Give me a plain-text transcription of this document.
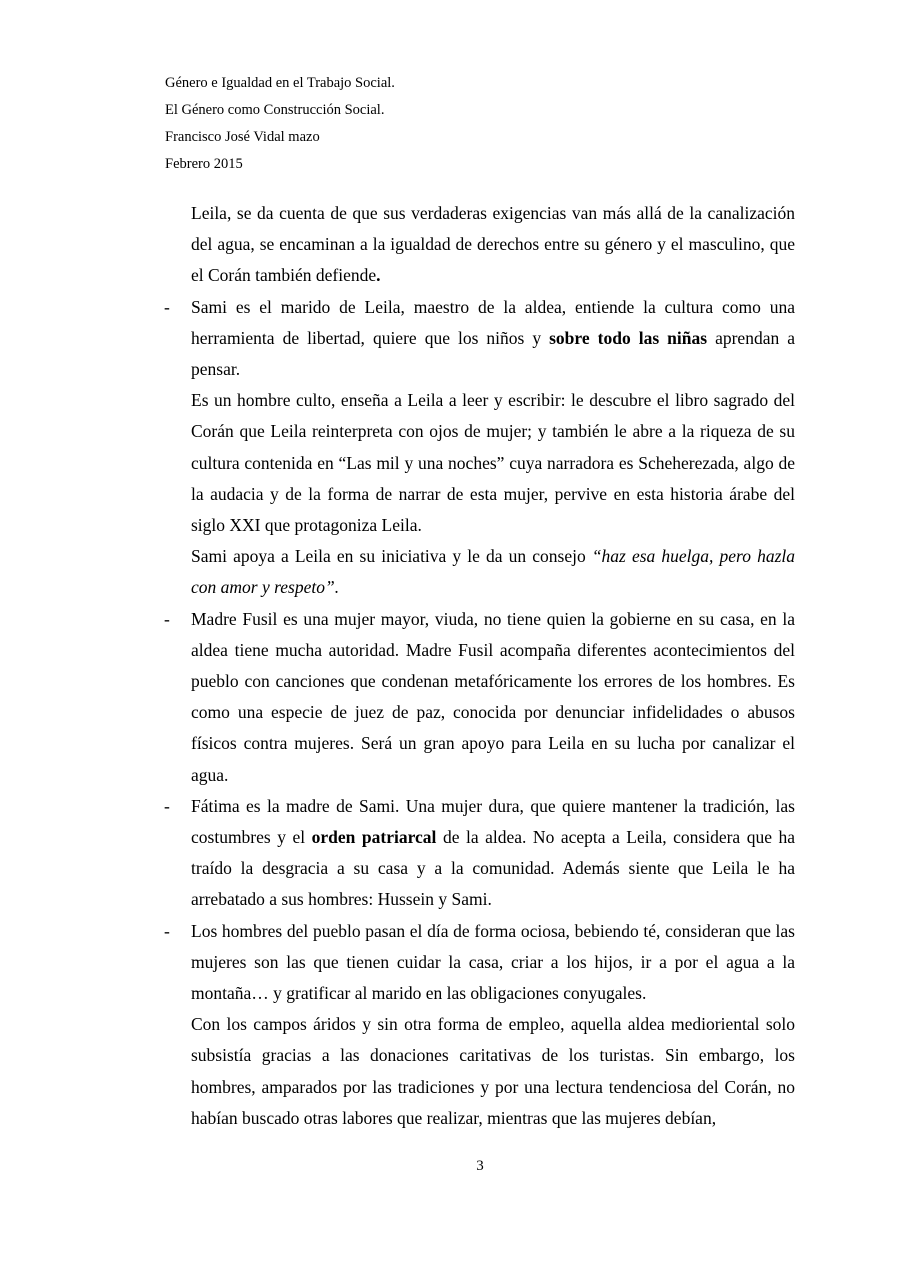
Género e Igualdad en el Trabajo Social.
El Género como Construcción Social.
Francisco José Vidal mazo
Febrero 2015

Leila, se da cuenta de que sus verdaderas exigencias van más allá de la canalización del agua, se encaminan a la igualdad de derechos entre su género y el masculino, que el Corán también defiende.

- Sami es el marido de Leila, maestro de la aldea, entiende la cultura como una herramienta de libertad, quiere que los niños y sobre todo las niñas aprendan a pensar.

Es un hombre culto, enseña a Leila a leer y escribir: le descubre el libro sagrado del Corán que Leila reinterpreta con ojos de mujer; y también le abre a la riqueza de su cultura contenida en “Las mil y una noches” cuya narradora es Scheherezada, algo de la audacia y de la forma de narrar de esta mujer, pervive en esta historia árabe del siglo XXI que protagoniza Leila.

Sami apoya a Leila en su iniciativa y le da un consejo “haz esa huelga, pero hazla con amor y respeto”.

- Madre Fusil es una mujer mayor, viuda, no tiene quien la gobierne en su casa, en la aldea tiene mucha autoridad. Madre Fusil acompaña diferentes acontecimientos del pueblo con canciones que condenan metafóricamente los errores de los hombres. Es como una especie de juez de paz, conocida por denunciar infidelidades o abusos físicos contra mujeres. Será un gran apoyo para Leila en su lucha por canalizar el agua.

- Fátima es la madre de Sami. Una mujer dura, que quiere mantener la tradición, las costumbres y el orden patriarcal de la aldea. No acepta a Leila, considera que ha traído la desgracia a su casa y a la comunidad. Además siente que Leila le ha arrebatado a sus hombres: Hussein y Sami.

- Los hombres del pueblo pasan el día de forma ociosa, bebiendo té, consideran que las mujeres son las que tienen cuidar la casa, criar a los hijos, ir a por el agua a la montaña… y gratificar al marido en las obligaciones conyugales.

Con los campos áridos y sin otra forma de empleo, aquella aldea medioriental solo subsistía gracias a las donaciones caritativas de los turistas. Sin embargo, los hombres, amparados por las tradiciones y por una lectura tendenciosa del Corán, no habían buscado otras labores que realizar, mientras que las mujeres debían,

3
